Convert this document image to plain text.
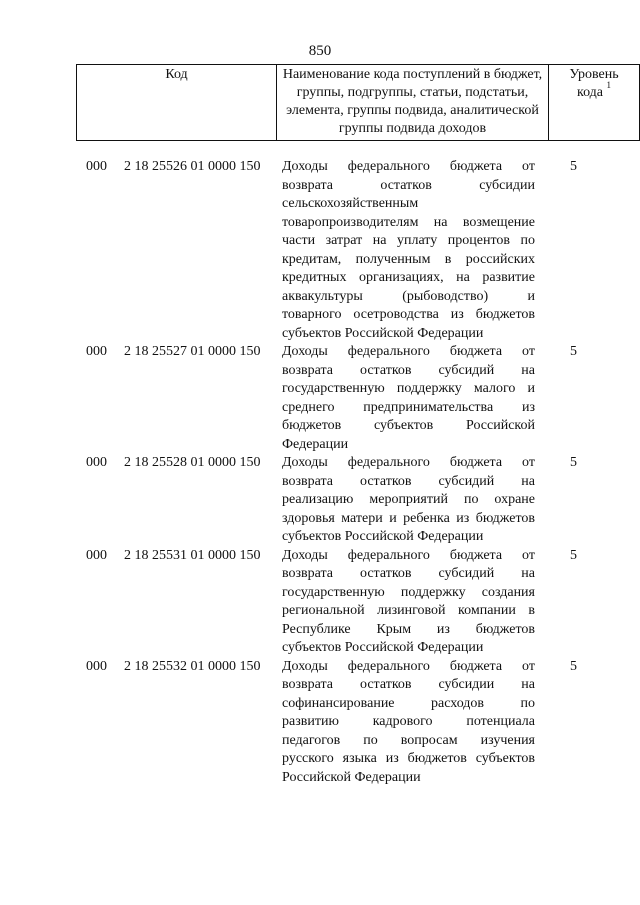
850
Код	Наименование кода поступлений в бюджет, группы, подгруппы, статьи, подстатьи, элемента, группы подвида, аналитической группы подвида доходов	Уровень кода $^1$
000	2 18 25526 01 0000 150	Доходы федерального бюджета от
возврата остатков субсидии
сельскохозяйственным
товаропроизводителям на возмещение
части затрат на уплату процентов по
кредитам, полученным в российских
кредитных организациях, на развитие
аквакультуры (рыбоводство) и
товарного осетроводства из бюджетов
субъектов Российской Федерации
5
000	2 18 25527 01 0000 150	Доходы федерального бюджета от
возврата остатков субсидий на
государственную поддержку малого и
среднего предпринимательства из
бюджетов субъектов Российской
Федерации
5
000	2 18 25528 01 0000 150	Доходы федерального бюджета от
возврата остатков субсидий на
реализацию мероприятий по охране
здоровья матери и ребенка из бюджетов
субъектов Российской Федерации
5
000	2 18 25531 01 0000 150	Доходы федерального бюджета от
возврата остатков субсидий на
государственную поддержку создания
региональной лизинговой компании в
Республике Крым из бюджетов
субъектов Российской Федерации
5
000	2 18 25532 01 0000 150	Доходы федерального бюджета от
возврата остатков субсидии на
софинансирование расходов по
развитию кадрового потенциала
педагогов по вопросам изучения
русского языка из бюджетов субъектов
Российской Федерации
5
